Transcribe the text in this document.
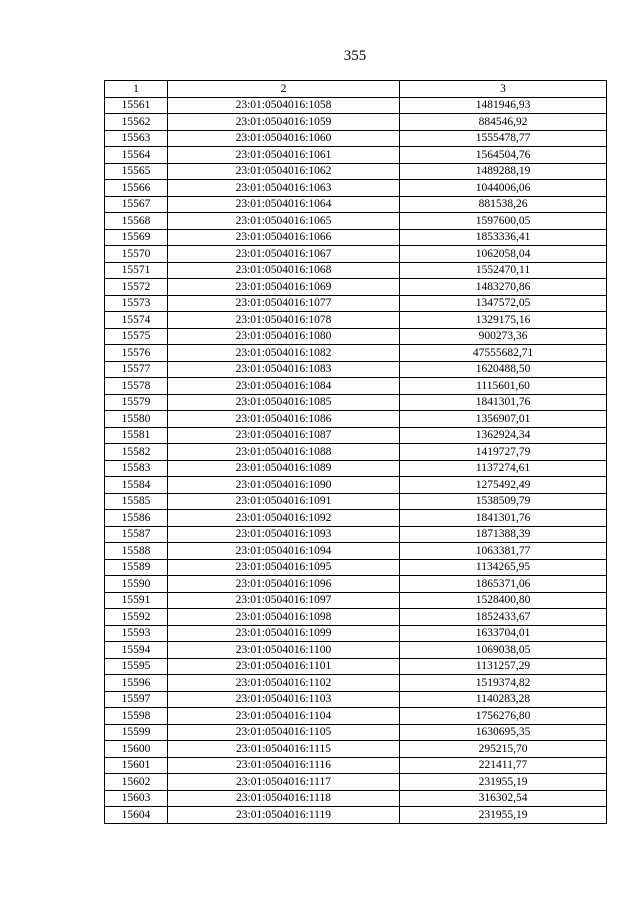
355
1	2	3
15561	23:01:0504016:1058	1481946,93
15562	23:01:0504016:1059	884546,92
15563	23:01:0504016:1060	1555478,77
15564	23:01:0504016:1061	1564504,76
15565	23:01:0504016:1062	1489288,19
15566	23:01:0504016:1063	1044006,06
15567	23:01:0504016:1064	881538,26
15568	23:01:0504016:1065	1597600,05
15569	23:01:0504016:1066	1853336,41
15570	23:01:0504016:1067	1062058,04
15571	23:01:0504016:1068	1552470,11
15572	23:01:0504016:1069	1483270,86
15573	23:01:0504016:1077	1347572,05
15574	23:01:0504016:1078	1329175,16
15575	23:01:0504016:1080	900273,36
15576	23:01:0504016:1082	47555682,71
15577	23:01:0504016:1083	1620488,50
15578	23:01:0504016:1084	1115601,60
15579	23:01:0504016:1085	1841301,76
15580	23:01:0504016:1086	1356907,01
15581	23:01:0504016:1087	1362924,34
15582	23:01:0504016:1088	1419727,79
15583	23:01:0504016:1089	1137274,61
15584	23:01:0504016:1090	1275492,49
15585	23:01:0504016:1091	1538509,79
15586	23:01:0504016:1092	1841301,76
15587	23:01:0504016:1093	1871388,39
15588	23:01:0504016:1094	1063381,77
15589	23:01:0504016:1095	1134265,95
15590	23:01:0504016:1096	1865371,06
15591	23:01:0504016:1097	1528400,80
15592	23:01:0504016:1098	1852433,67
15593	23:01:0504016:1099	1633704,01
15594	23:01:0504016:1100	1069038,05
15595	23:01:0504016:1101	1131257,29
15596	23:01:0504016:1102	1519374,82
15597	23:01:0504016:1103	1140283,28
15598	23:01:0504016:1104	1756276,80
15599	23:01:0504016:1105	1630695,35
15600	23:01:0504016:1115	295215,70
15601	23:01:0504016:1116	221411,77
15602	23:01:0504016:1117	231955,19
15603	23:01:0504016:1118	316302,54
15604	23:01:0504016:1119	231955,19
